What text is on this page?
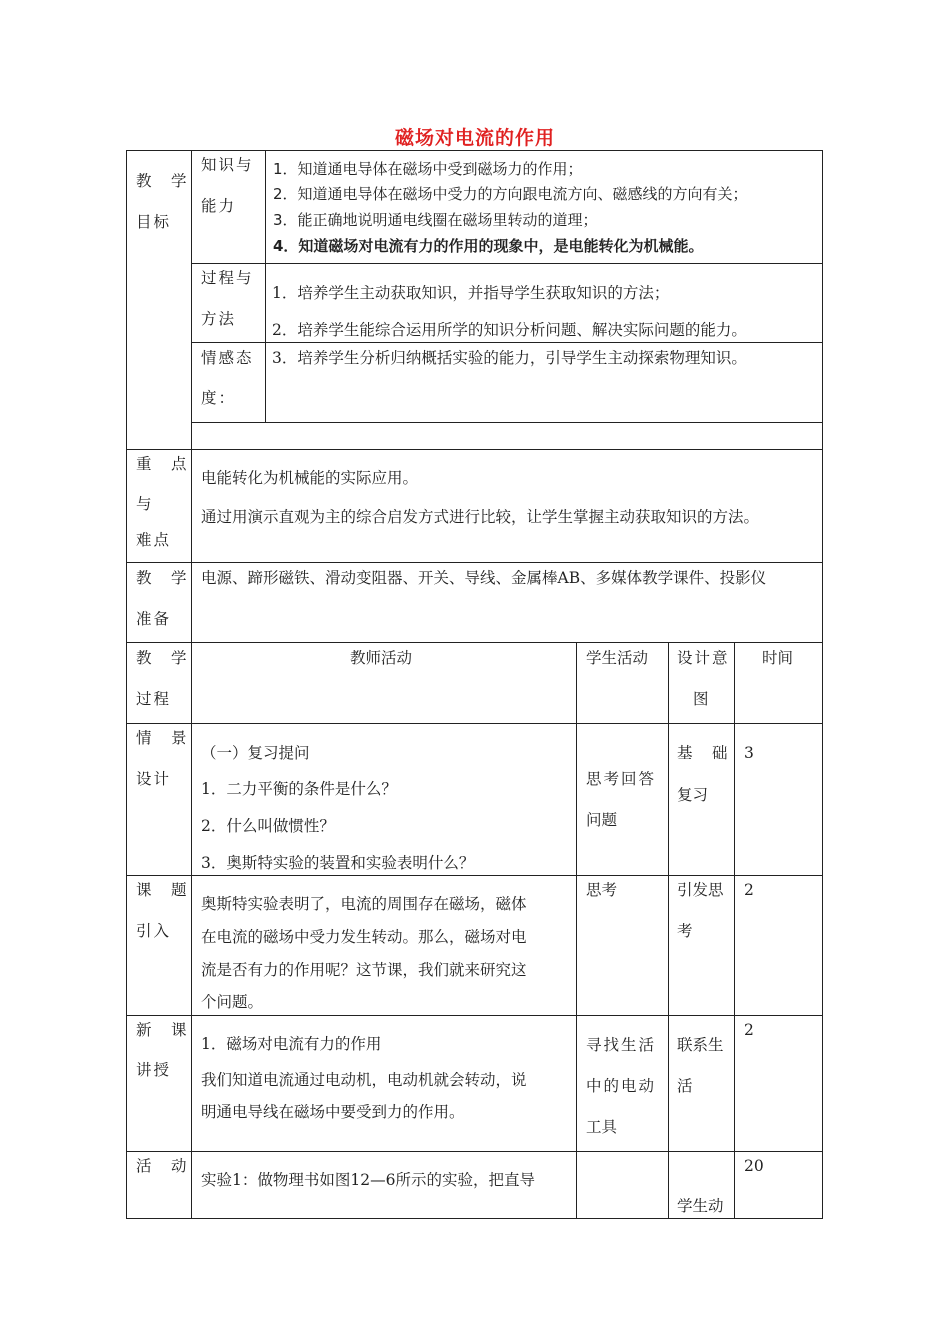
磁场对电流的作用
教　学
目标
知识与
能力
1．知道通电导体在磁场中受到磁场力的作用；
2．知道通电导体在磁场中受力的方向跟电流方向、磁感线的方向有关；
3．能正确地说明通电线圈在磁场里转动的道理；
4．知道磁场对电流有力的作用的现象中，是电能转化为机械能。
过程与
方法
1．培养学生主动获取知识，并指导学生获取知识的方法；
2．培养学生能综合运用所学的知识分析问题、解决实际问题的能力。
情感态
度：
3．培养学生分析归纳概括实验的能力，引导学生主动探索物理知识。
重　点
与
难点
电能转化为机械能的实际应用。
通过用演示直观为主的综合启发方式进行比较，让学生掌握主动获取知识的方法。
教　学
准备
电源、蹄形磁铁、滑动变阻器、开关、导线、金属棒AB、多媒体教学课件、投影仪
教　学
过程
教师活动	学生活动 设计意
图
时间
情　景
设计
（一）复习提问
1．二力平衡的条件是什么？
2．什么叫做惯性？
3．奥斯特实验的装置和实验表明什么？
思考回答
问题
基　础
复习
3
课　题
引入
奥斯特实验表明了，电流的周围存在磁场，磁体
在电流的磁场中受力发生转动。那么，磁场对电
流是否有力的作用呢？这节课，我们就来研究这
个问题。
思考	引发思
考
2
新　课
讲授
1．磁场对电流有力的作用
我们知道电流通过电动机，电动机就会转动，说
明通电导线在磁场中要受到力的作用。
寻找生活
中的电动
工具
联系生
活
2
活　动
实验1：做物理书如图12—6所示的实验，把直导
学生动
20
